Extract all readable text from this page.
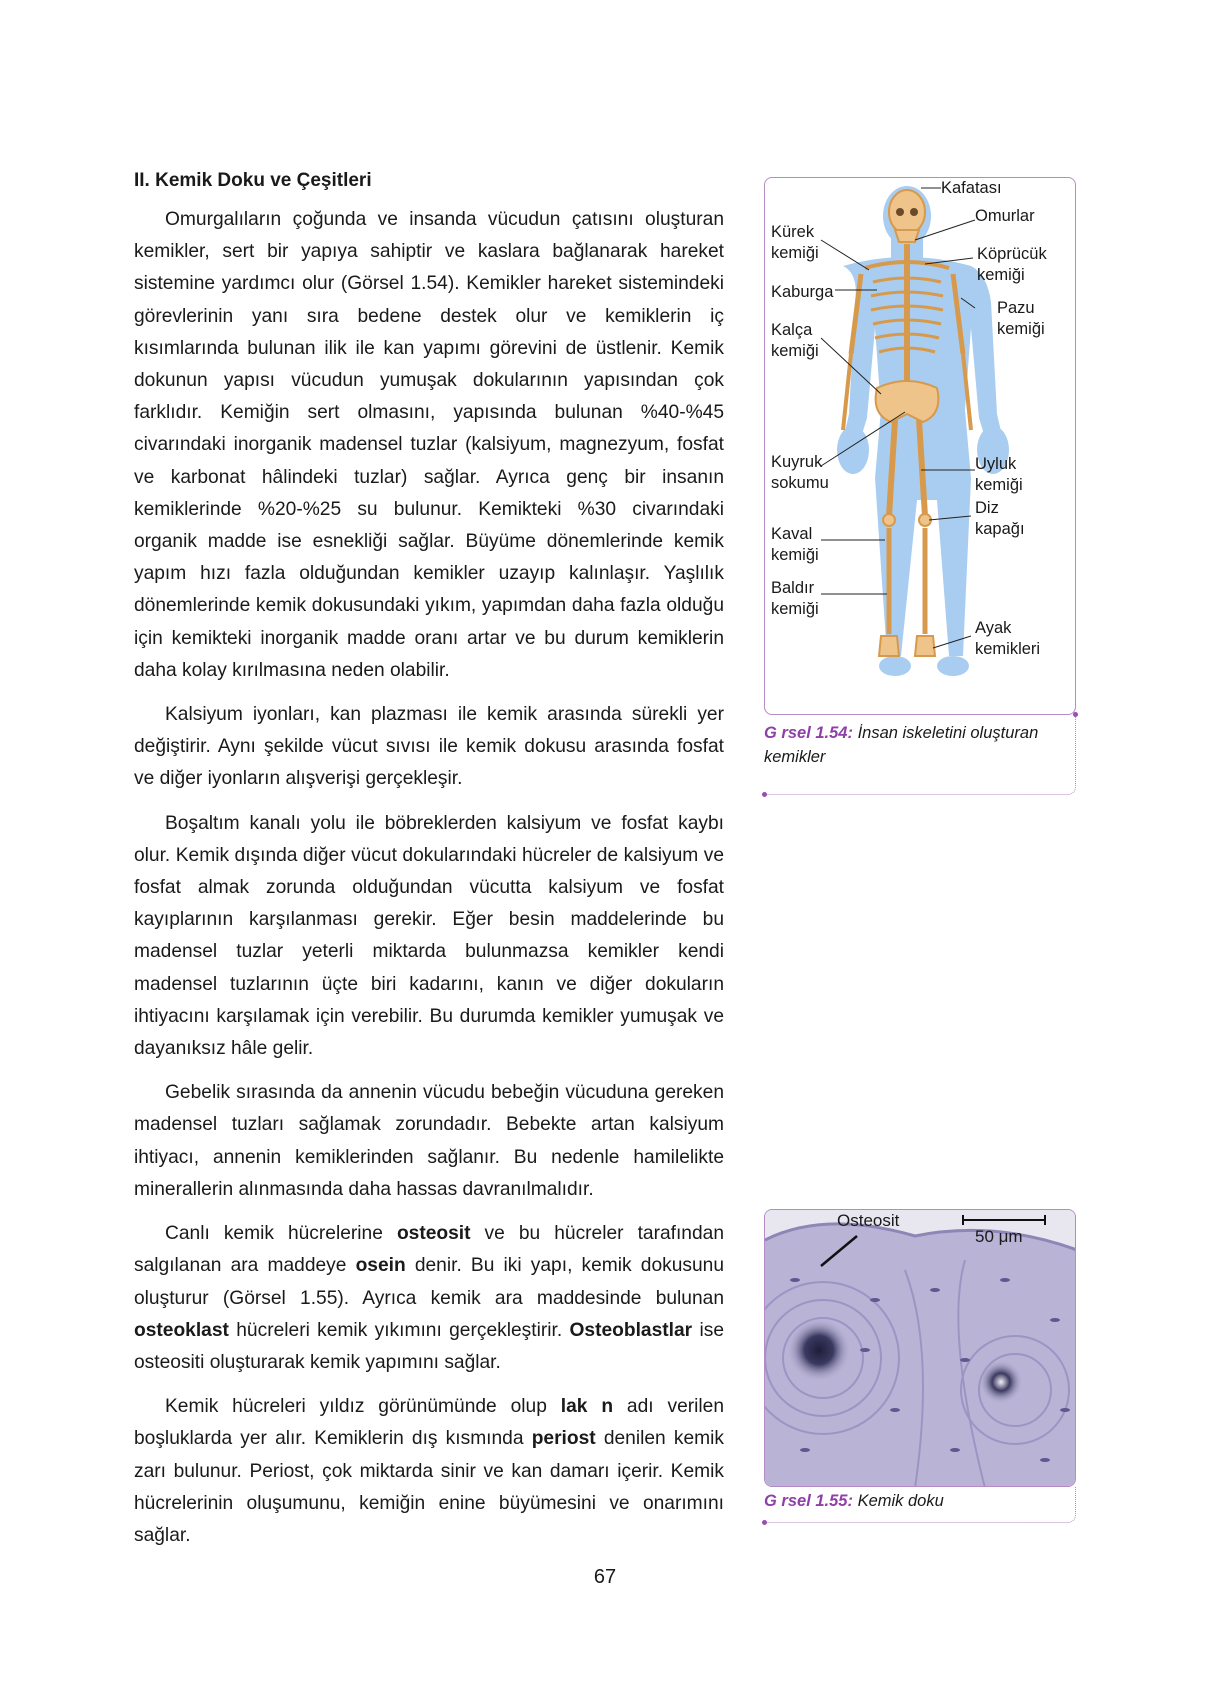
II. Kemik Doku ve Çeşitleri

Omurgalıların çoğunda ve insanda vücudun çatısını oluşturan kemikler, sert bir yapıya sahiptir ve kaslara bağlanarak hareket sistemine yardımcı olur (Görsel 1.54). Kemikler hareket sistemindeki görevlerinin yanı sıra bedene destek olur ve kemiklerin iç kısımlarında bulunan ilik ile kan yapımı görevini de üstlenir. Kemik dokunun yapısı vücudun yumuşak dokularının yapısından çok farklıdır. Kemiğin sert olmasını, yapısında bulunan %40-%45 civarındaki inorganik madensel tuzlar (kalsiyum, magnezyum, fosfat ve karbonat hâlindeki tuzlar) sağlar. Ayrıca genç bir insanın kemiklerinde %20-%25 su bulunur. Kemikteki %30 civarındaki organik madde ise esnekliği sağlar. Büyüme dönemlerinde kemik yapım hızı fazla olduğundan kemikler uzayıp kalınlaşır. Yaşlılık dönemlerinde kemik dokusundaki yıkım, yapımdan daha fazla olduğu için kemikteki inorganik madde oranı artar ve bu durum kemiklerin daha kolay kırılmasına neden olabilir.

Kalsiyum iyonları, kan plazması ile kemik arasında sürekli yer değiştirir. Aynı şekilde vücut sıvısı ile kemik dokusu arasında fosfat ve diğer iyonların alışverişi gerçekleşir.

Boşaltım kanalı yolu ile böbreklerden kalsiyum ve fosfat kaybı olur. Kemik dışında diğer vücut dokularındaki hücreler de kalsiyum ve fosfat almak zorunda olduğundan vücutta kalsiyum ve fosfat kayıplarının karşılanması gerekir. Eğer besin maddelerinde bu madensel tuzlar yeterli miktarda bulunmazsa kemikler kendi madensel tuzlarının üçte biri kadarını, kanın ve diğer dokuların ihtiyacını karşılamak için verebilir. Bu durumda kemikler yumuşak ve dayanıksız hâle gelir.

Gebelik sırasında da annenin vücudu bebeğin vücuduna gereken madensel tuzları sağlamak zorundadır. Bebekte artan kalsiyum ihtiyacı, annenin kemiklerinden sağlanır. Bu nedenle hamilelikte minerallerin alınmasında daha hassas davranılmalıdır.

Canlı kemik hücrelerine osteosit ve bu hücreler tarafından salgılanan ara maddeye osein denir. Bu iki yapı, kemik dokusunu oluşturur (Görsel 1.55). Ayrıca kemik ara maddesinde bulunan osteoklast hücreleri kemik yıkımını gerçekleştirir. Osteoblastlar ise osteositi oluşturarak kemik yapımını sağlar.

Kemik hücreleri yıldız görünümünde olup lak n adı verilen boşluklarda yer alır. Kemiklerin dış kısmında periost denilen kemik zarı bulunur. Periost, çok miktarda sinir ve kan damarı içerir. Kemik hücrelerinin oluşumunu, kemiğin enine büyümesini ve onarımını sağlar.

Kafatası
Omurlar
Kürek
kemiği	Köprücük
kemiği
Kaburga
Pazu
kemiği
Kalça
kemiği
Kuyruk
sokumu
Uyluk
kemiği
Diz
kapağı
Kaval
kemiği
Baldır
kemiği
Ayak
kemikleri
G rsel 1.54: İnsan iskeletini oluşturan kemikler
Osteosit
50 μm
G rsel 1.55: Kemik doku
67
